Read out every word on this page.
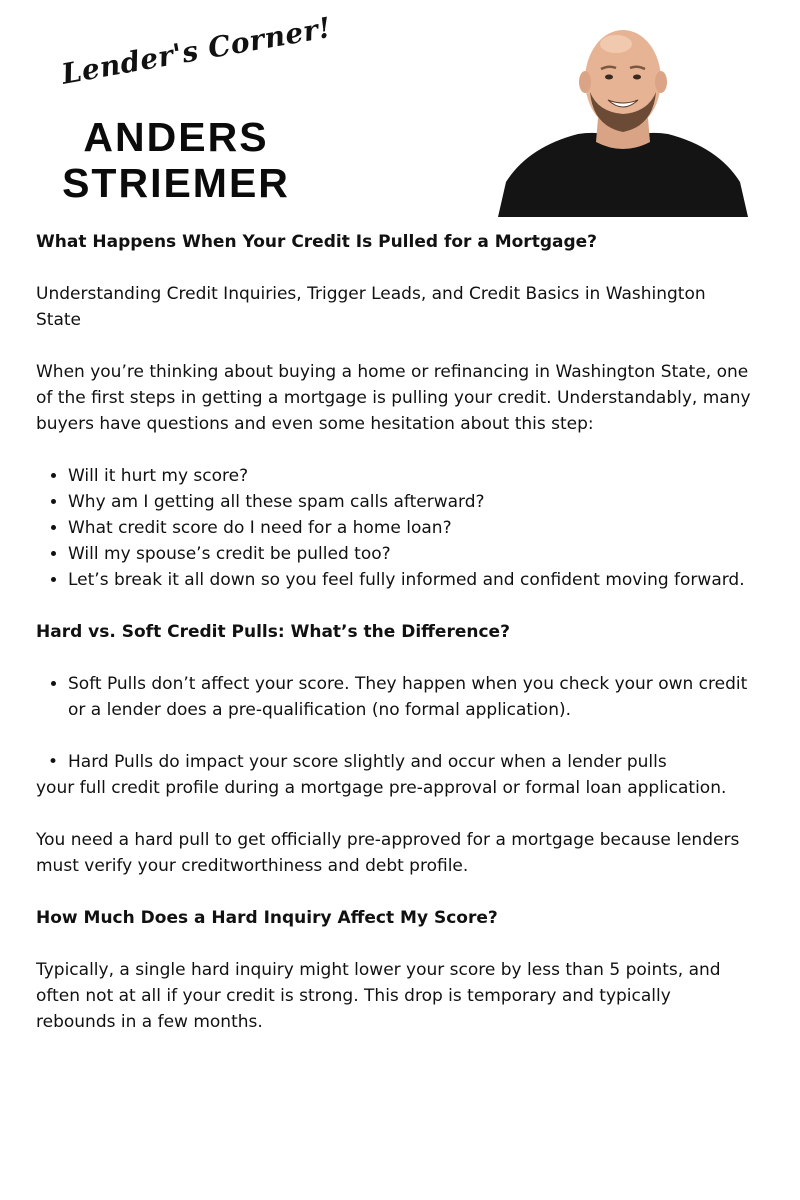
Lender's Corner!
ANDERS
STRIEMER

What Happens When Your Credit Is Pulled for a Mortgage?

Understanding Credit Inquiries, Trigger Leads, and Credit Basics in Washington State

When you’re thinking about buying a home or refinancing in Washington State, one of the first steps in getting a mortgage is pulling your credit. Understandably, many buyers have questions and even some hesitation about this step:

• Will it hurt my score?
• Why am I getting all these spam calls afterward?
• What credit score do I need for a home loan?
• Will my spouse’s credit be pulled too?
• Let’s break it all down so you feel fully informed and confident moving forward.

Hard vs. Soft Credit Pulls: What’s the Difference?

• Soft Pulls don’t affect your score. They happen when you check your own credit or a lender does a pre-qualification (no formal application).

• Hard Pulls do impact your score slightly and occur when a lender pulls
your full credit profile during a mortgage pre-approval or formal loan application.

You need a hard pull to get officially pre-approved for a mortgage because lenders must verify your creditworthiness and debt profile.

How Much Does a Hard Inquiry Affect My Score?

Typically, a single hard inquiry might lower your score by less than 5 points, and often not at all if your credit is strong. This drop is temporary and typically rebounds in a few months.
